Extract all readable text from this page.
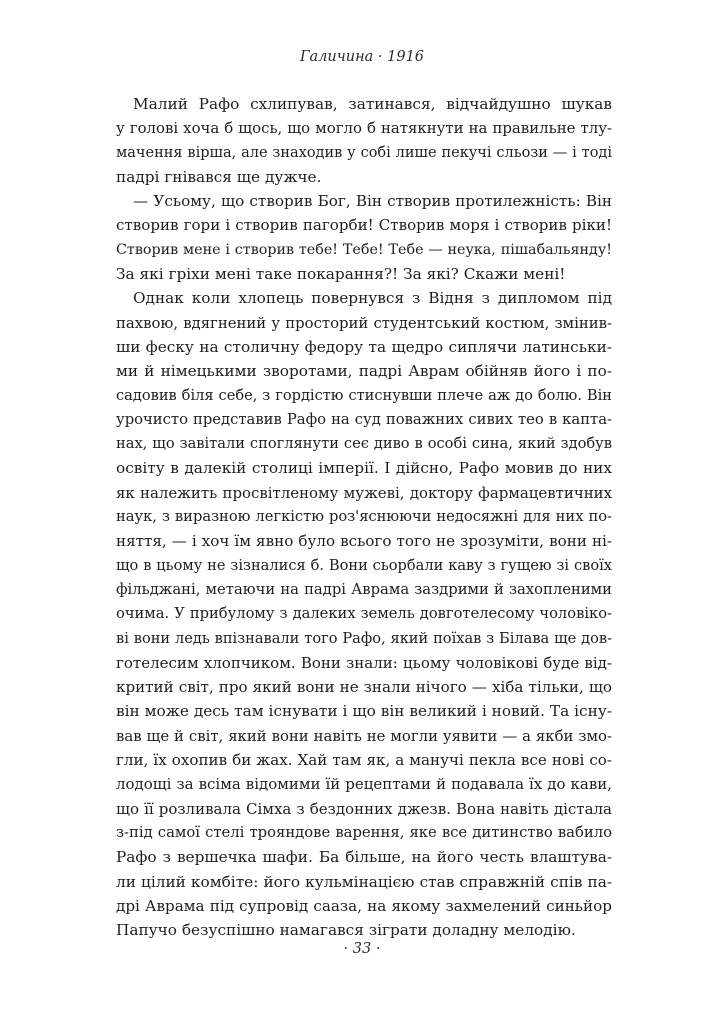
Галичина · 1916
Малий Рафо схлипував, затинався, відчайдушно шукав
у голові хоча б щось, що могло б натякнути на правильне тлу-
мачення вірша, але знаходив у собі лише пекучі сльози — і тоді
падрі гнівався ще дужче.
— Усьому, що створив Бог, Він створив протилежність: Він
створив гори і створив пагорби! Створив моря і створив ріки!
Створив мене і створив тебе! Тебе! Тебе — неука, пішабальянду!
За які гріхи мені таке покарання?! За які? Скажи мені!
Однак коли хлопець повернувся з Відня з дипломом під
пахвою, вдягнений у просторий студентський костюм, змінив-
ши феску на столичну федору та щедро сиплячи латинськи-
ми й німецькими зворотами, падрі Аврам обійняв його і по-
садовив біля себе, з гордістю стиснувши плече аж до болю. Він
урочисто представив Рафо на суд поважних сивих тео в каптa-
нах, що завітали споглянути сеє диво в особі сина, який здобув
освіту в далекій столиці імперії. І дійсно, Рафо мовив до них
як належить просвітленому мужеві, доктору фармацевтичних
наук, з виразною легкістю роз'яснюючи недосяжні для них по-
няття, — і хоч їм явно було всього того не зрозуміти, вони ні-
що в цьому не зізналися б. Вони сьорбали каву з гущею зі своїх
фільджані, метаючи на падрі Аврама заздрими й захопленими
очима. У прибулому з далеких земель довготелесому чоловіко-
ві вони ледь впізнавали того Рафо, який поїхав з Білава ще дов-
готелесим хлопчиком. Вони знали: цьому чоловікові буде від-
критий світ, про який вони не знали нічого — хіба тільки, що
він може десь там існувати і що він великий і новий. Та існу-
вав ще й світ, який вони навіть не могли уявити — а якби змо-
гли, їх охопив би жах. Хай там як, а манучі пекла все нові со-
лодощі за всіма відомими їй рецептами й подавала їх до кави,
що її розливала Сімха з бездонних джезв. Вона навіть дістала
з-під самої стелі трояндове варення, яке все дитинство вабило
Рафо з вершечка шафи. Ба більше, на його честь влаштува-
ли цілий комбіте: його кульмінацією став справжній спів па-
дрі Аврама під супровід сааза, на якому захмелений синьйор
Папучо безуспішно намагався зіграти доладну мелодію.
· 33 ·
